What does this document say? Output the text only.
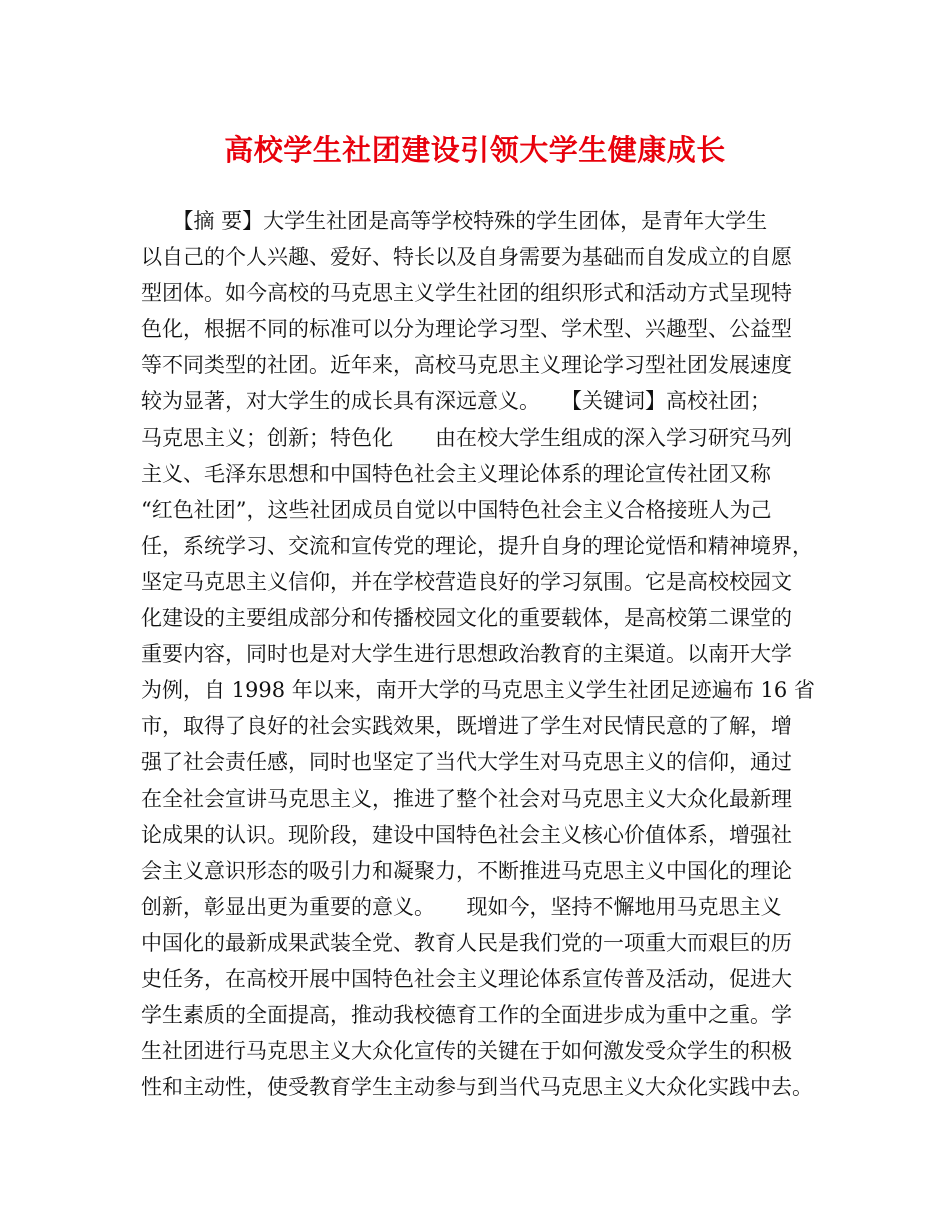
高校学生社团建设引领大学生健康成长
　　【摘 要】大学生社团是高等学校特殊的学生团体，是青年大学生
以自己的个人兴趣、爱好、特长以及自身需要为基础而自发成立的自愿
型团体。如今高校的马克思主义学生社团的组织形式和活动方式呈现特
色化，根据不同的标准可以分为理论学习型、学术型、兴趣型、公益型
等不同类型的社团。近年来，高校马克思主义理论学习型社团发展速度
较为显著，对大学生的成长具有深远意义。　　【关键词】高校社团；
马克思主义；创新；特色化　　由在校大学生组成的深入学习研究马列
主义、毛泽东思想和中国特色社会主义理论体系的理论宣传社团又称
“红色社团”，这些社团成员自觉以中国特色社会主义合格接班人为己
任，系统学习、交流和宣传党的理论，提升自身的理论觉悟和精神境界，
坚定马克思主义信仰，并在学校营造良好的学习氛围。它是高校校园文
化建设的主要组成部分和传播校园文化的重要载体，是高校第二课堂的
重要内容，同时也是对大学生进行思想政治教育的主渠道。以南开大学
为例，自 1998 年以来，南开大学的马克思主义学生社团足迹遍布 16 省
市，取得了良好的社会实践效果，既增进了学生对民情民意的了解，增
强了社会责任感，同时也坚定了当代大学生对马克思主义的信仰，通过
在全社会宣讲马克思主义，推进了整个社会对马克思主义大众化最新理
论成果的认识。现阶段，建设中国特色社会主义核心价值体系，增强社
会主义意识形态的吸引力和凝聚力，不断推进马克思主义中国化的理论
创新，彰显出更为重要的意义。　　现如今，坚持不懈地用马克思主义
中国化的最新成果武装全党、教育人民是我们党的一项重大而艰巨的历
史任务，在高校开展中国特色社会主义理论体系宣传普及活动，促进大
学生素质的全面提高，推动我校德育工作的全面进步成为重中之重。学
生社团进行马克思主义大众化宣传的关键在于如何激发受众学生的积极
性和主动性，使受教育学生主动参与到当代马克思主义大众化实践中去。
